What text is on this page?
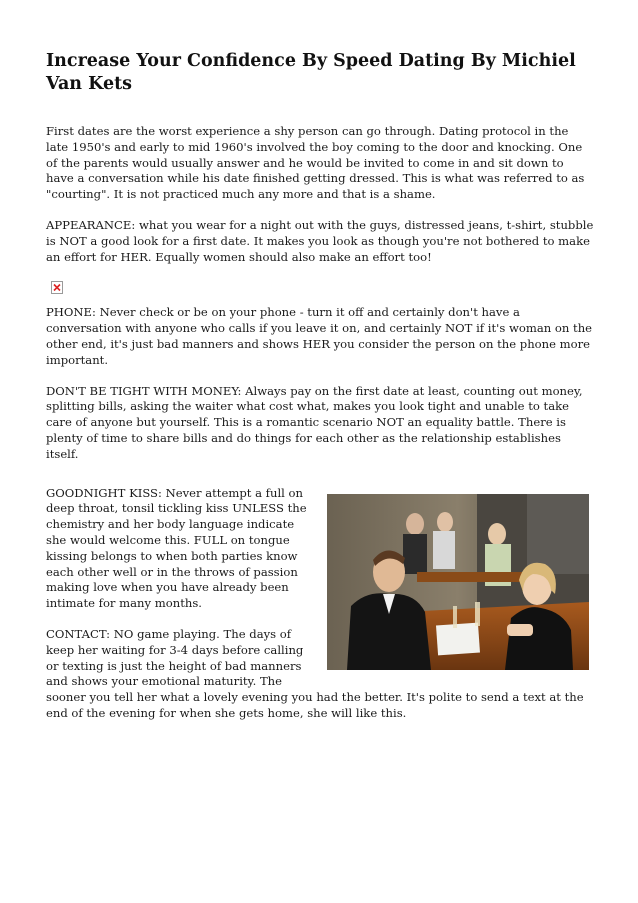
Increase Your Confidence By Speed Dating By Michiel Van Kets

First dates are the worst experience a shy person can go through. Dating protocol in the late 1950's and early to mid 1960's involved the boy coming to the door and knocking. One of the parents would usually answer and he would be invited to come in and sit down to have a conversation while his date finished getting dressed. This is what was referred to as "courting". It is not practiced much any more and that is a shame.

APPEARANCE: what you wear for a night out with the guys, distressed jeans, t-shirt, stubble is NOT a good look for a first date. It makes you look as though you're not bothered to make an effort for HER. Equally women should also make an effort too!

PHONE: Never check or be on your phone - turn it off and certainly don't have a conversation with anyone who calls if you leave it on, and certainly NOT if it's woman on the other end, it's just bad manners and shows HER you consider the person on the phone more important.

DON'T BE TIGHT WITH MONEY: Always pay on the first date at least, counting out money, splitting bills, asking the waiter what cost what, makes you look tight and unable to take care of anyone but yourself. This is a romantic scenario NOT an equality battle. There is plenty of time to share bills and do things for each other as the relationship establishes itself.

GOODNIGHT KISS: Never attempt a full on deep throat, tonsil tickling kiss UNLESS the chemistry and her body language indicate she would welcome this. FULL on tongue kissing belongs to when both parties know each other well or in the throws of passion making love when you have already been intimate for many months.

CONTACT: NO game playing. The days of keep her waiting for 3-4 days before calling or texting is just the height of bad manners and shows your emotional maturity. The sooner you tell her what a lovely evening you had the better. It's polite to send a text at the end of the evening for when she gets home, she will like this.
